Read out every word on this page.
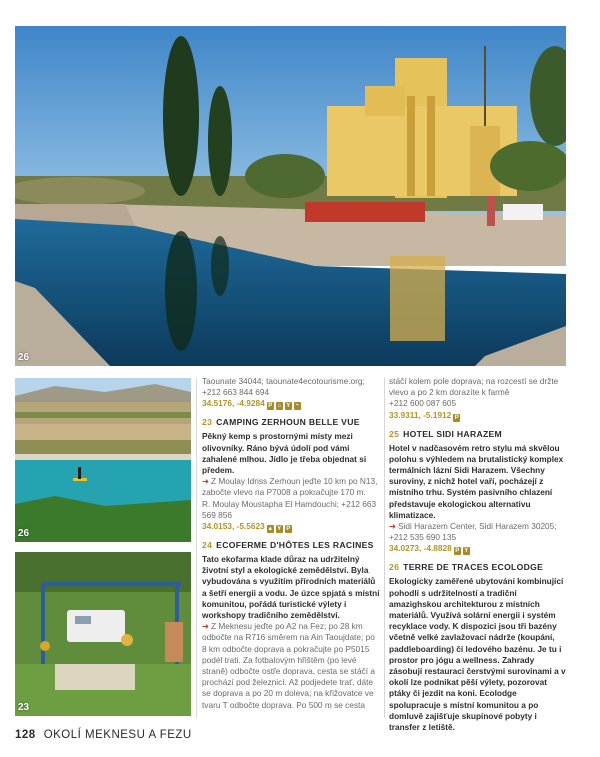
26
26
23

Taounate 34044; taounate4ecotourisme.org; +212 663 844 694

34.5176, -4.9284 P ⌂ Y ~

23 CAMPING ZERHOUN BELLE VUE

Pěkný kemp s prostornými místy mezi olivovníky. Ráno bývá údolí pod vámi zahalené mlhou. Jídlo je třeba objednat si předem.

➜ Z Moulay Idriss Zerhoun jeďte 10 km po N13, zabočte vlevo na P7008 a pokračujte 170 m.

R. Moulay Moustapha El Hamdouchi; +212 663 569 856

34.0153, -5.5623 ▲ Y P

24 ECOFERME D'HÔTES LES RACINES

Tato ekofarma klade důraz na udržitelný životní styl a ekologické zemědělství. Byla vybudována s využitím přírodních materiálů a šetří energii a vodu. Je úzce spjatá s místní komunitou, pořádá turistické výlety i workshopy tradičního zemědělství.

➜ Z Meknesu jeďte po A2 na Fez; po 28 km odbočte na R716 směrem na Ain Taoujdate; po 8 km odbočte doprava a pokračujte po P5015 podél trati. Za fotbalovým hřištěm (po levé straně) odbočte ostře doprava, cesta se stáčí a prochází pod železnicí. Až podjedete trať, dáte se doprava a po 20 m doleva; na křižovatce ve tvaru T odbočte doprava. Po 500 m se cesta

stáčí kolem pole doprava; na rozcestí se držte vlevo a po 2 km dorazíte k farmě

+212 600 087 605

33.9311, -5.1912 P

25 HOTEL SIDI HARAZEM

Hotel v nadčasovém retro stylu má skvělou polohu s výhledem na brutalistický komplex termálních lázní Sidi Harazem. Všechny suroviny, z nichž hotel vaří, pocházejí z místního trhu. Systém pasivního chlazení představuje ekologickou alternativu klimatizace.

➜ Sidi Harazem Center, Sidi Harazem 30205; +212 535 690 135

34.0273, -4.8828 P Y

26 TERRE DE TRACES ECOLODGE

Ekologicky zaměřené ubytování kombinující pohodlí s udržitelností a tradiční amazighskou architekturou z místních materiálů. Využívá solární energii i systém recyklace vody. K dispozici jsou tři bazény včetně velké zavlažovací nádrže (koupání, paddleboarding) či ledového bazénu. Je tu i prostor pro jógu a wellness. Zahrady zásobují restauraci čerstvými surovinami a v okolí lze podnikat pěší výlety, pozorovat ptáky či jezdit na koni. Ecolodge spolupracuje s místní komunitou a po domluvě zajišťuje skupinové pobyty i transfer z letiště.

128 OKOLÍ MEKNESU A FEZU
